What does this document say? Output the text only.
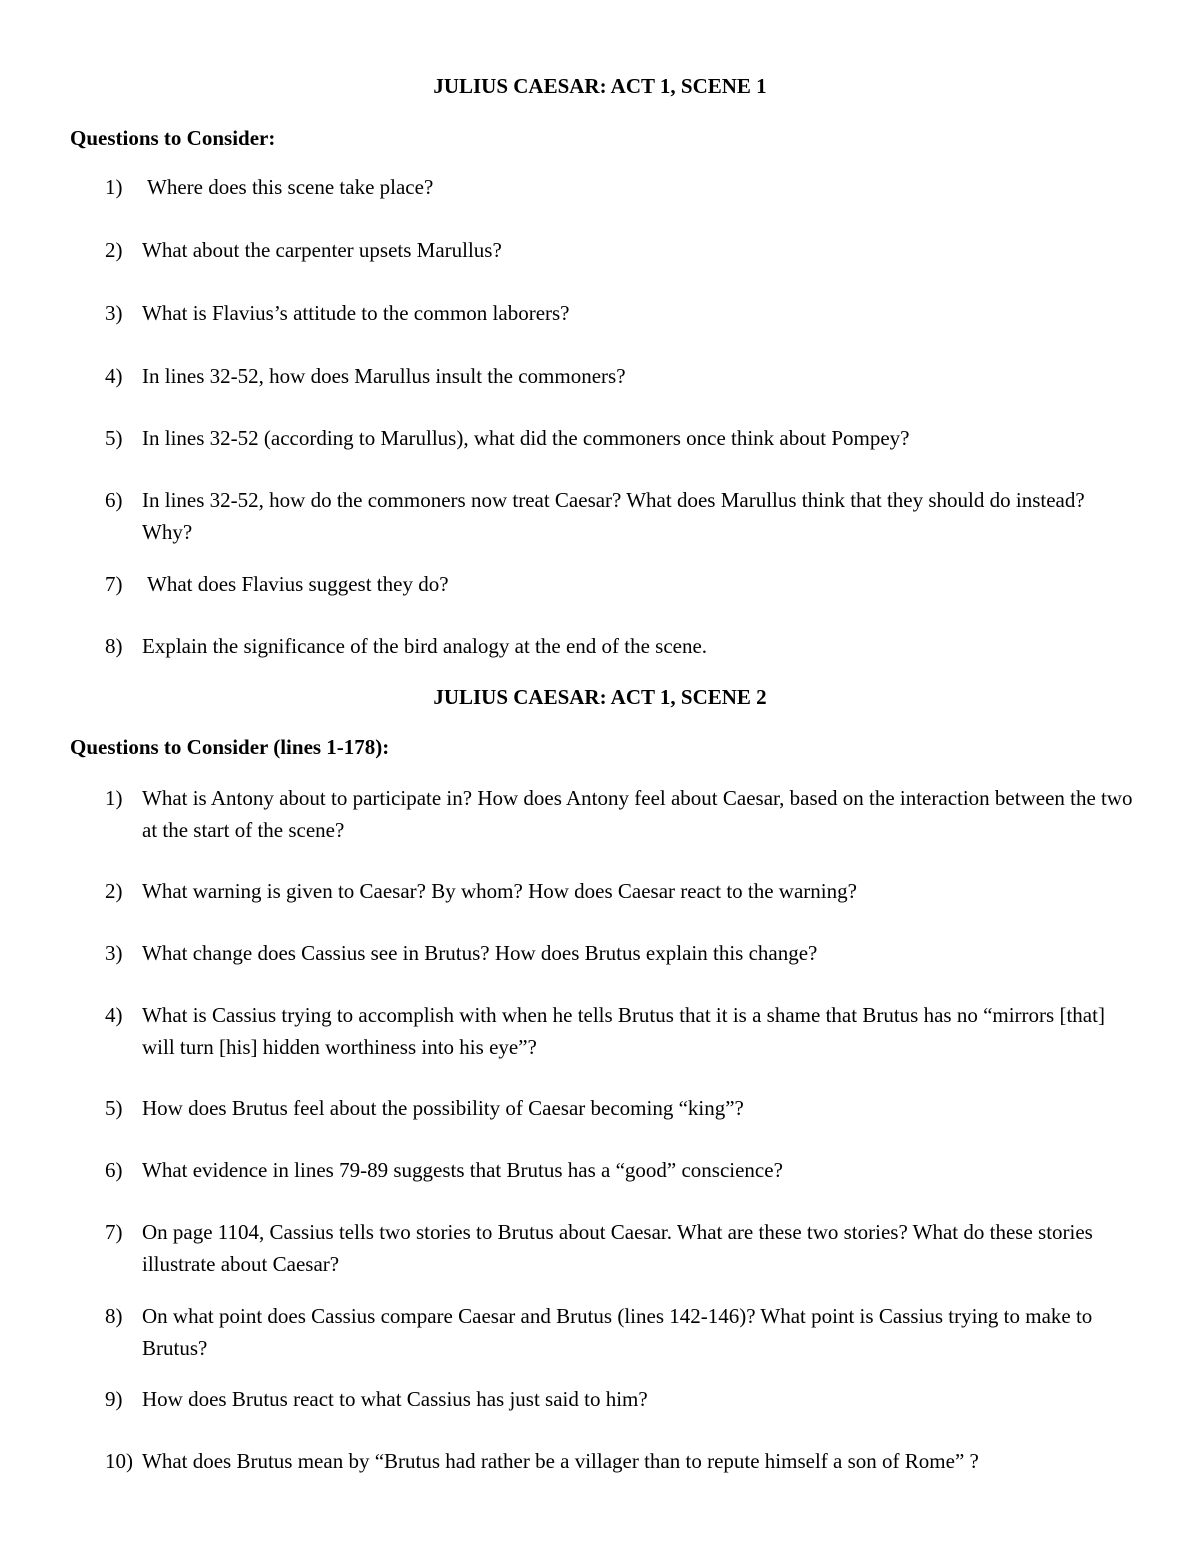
JULIUS CAESAR: ACT 1, SCENE 1
Questions to Consider:
1) Where does this scene take place?
2) What about the carpenter upsets Marullus?
3) What is Flavius’s attitude to the common laborers?
4) In lines 32-52, how does Marullus insult the commoners?
5) In lines 32-52 (according to Marullus), what did the commoners once think about Pompey?
6) In lines 32-52, how do the commoners now treat Caesar? What does Marullus think that they should do instead? Why?
7) What does Flavius suggest they do?
8) Explain the significance of the bird analogy at the end of the scene.
JULIUS CAESAR: ACT 1, SCENE 2
Questions to Consider (lines 1-178):
1) What is Antony about to participate in? How does Antony feel about Caesar, based on the interaction between the two at the start of the scene?
2) What warning is given to Caesar? By whom? How does Caesar react to the warning?
3) What change does Cassius see in Brutus? How does Brutus explain this change?
4) What is Cassius trying to accomplish with when he tells Brutus that it is a shame that Brutus has no “mirrors [that] will turn [his] hidden worthiness into his eye”?
5) How does Brutus feel about the possibility of Caesar becoming “king”?
6) What evidence in lines 79-89 suggests that Brutus has a “good” conscience?
7) On page 1104, Cassius tells two stories to Brutus about Caesar. What are these two stories? What do these stories illustrate about Caesar?
8) On what point does Cassius compare Caesar and Brutus (lines 142-146)? What point is Cassius trying to make to Brutus?
9) How does Brutus react to what Cassius has just said to him?
10) What does Brutus mean by “Brutus had rather be a villager than to repute himself a son of Rome” ?
